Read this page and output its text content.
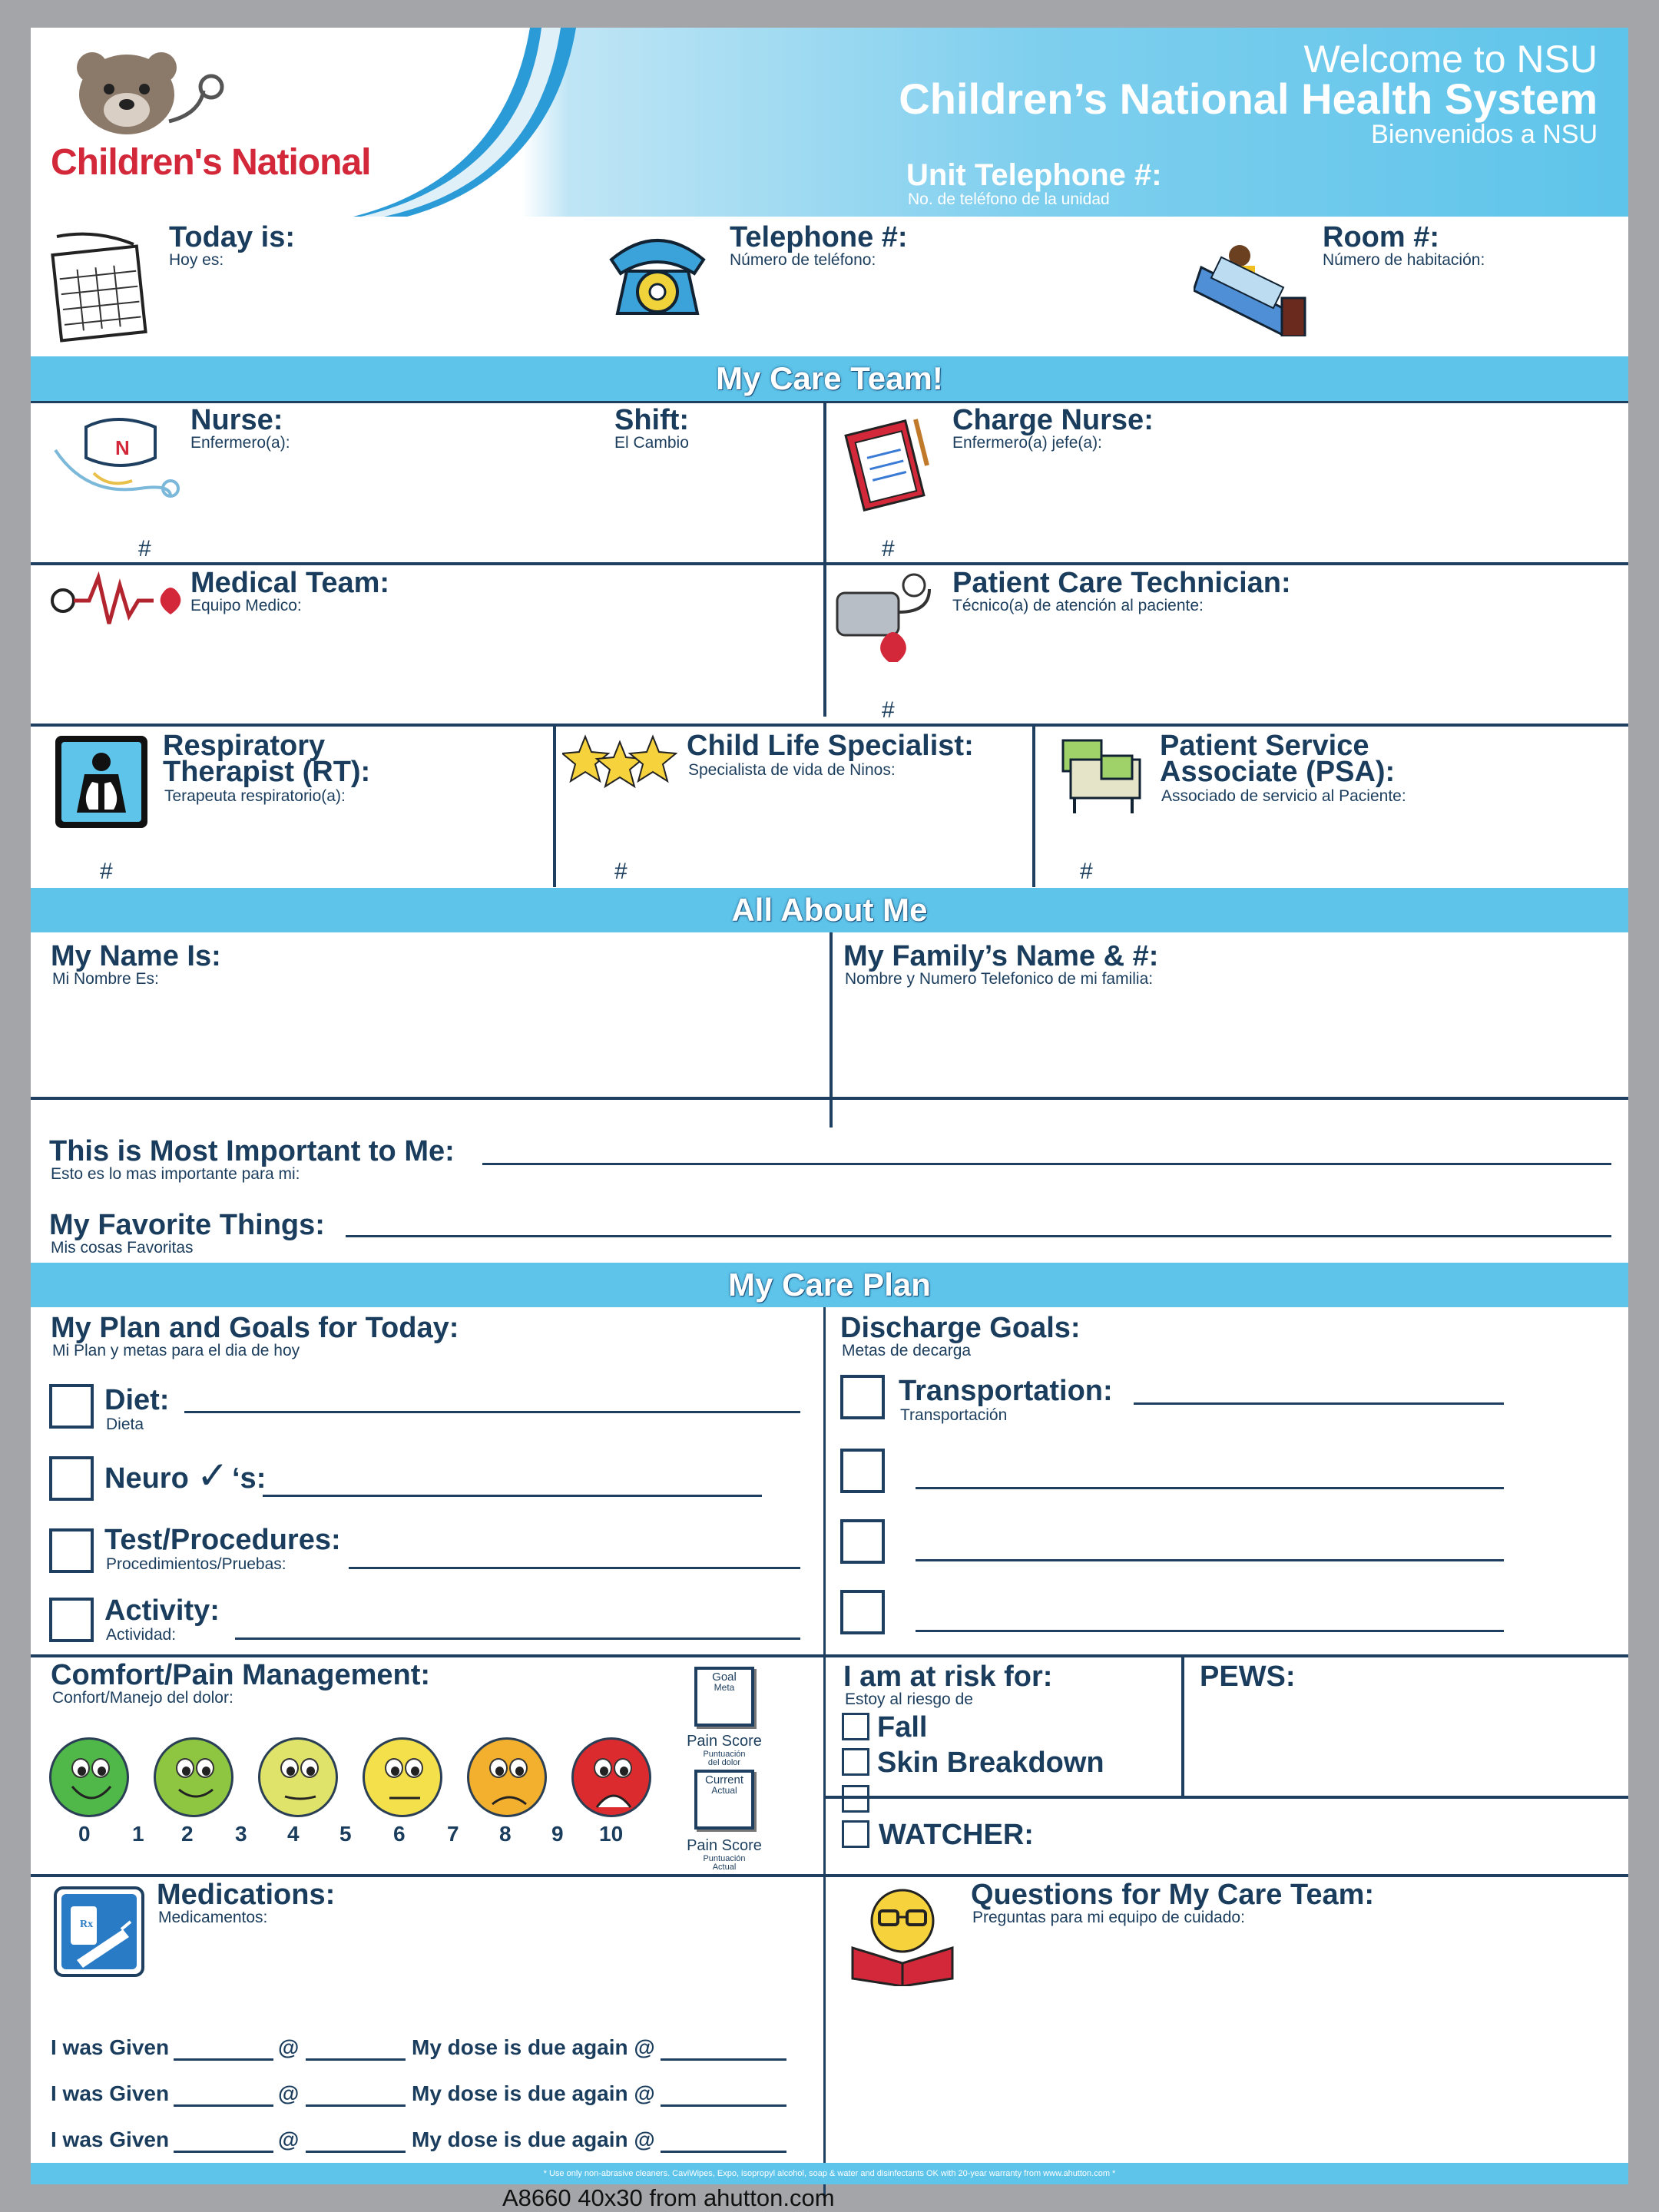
Children's National
Welcome to NSU
Children’s National Health System
Bienvenidos a NSU
Unit Telephone #:
No. de teléfono de la unidad
Today is:
Hoy es:
Telephone #:
Número de teléfono:
Room #:
Número de habitación:
My Care Team!
N
Nurse:
Enfermero(a):
Shift:
El Cambio
#
Charge Nurse:
Enfermero(a) jefe(a):
#
Medical Team:
Equipo Medico:
Patient Care Technician:
Técnico(a) de atención al paciente:
#
Respiratory
Therapist (RT):
Terapeuta respiratorio(a):
#
Child Life Specialist:
Specialista de vida de Ninos:
#
Patient Service
Associate (PSA):
Associado de servicio al Paciente:
#
All About Me
My Name Is:
Mi Nombre Es:
My Family’s Name & #:
Nombre y Numero Telefonico de mi familia:
This is Most Important to Me:
Esto es lo mas importante para mi:
My Favorite Things:
Mis cosas Favoritas
My Care Plan
My Plan and Goals for Today:
Mi Plan y metas para el dia de hoy
Diet:
Dieta
Neuro ✓ ‘s:
Test/Procedures:
Procedimientos/Pruebas:
Activity:
Actividad:
Discharge Goals:
Metas de decarga
Transportation:
Transportación
Comfort/Pain Management:
Confort/Manejo del dolor:
0 1 2 3 4 5 6 7 8 9 10
Goal
Meta
Pain Score
Puntuación
del dolor
Current
Actual
Pain Score
Puntuación
Actual
I am at risk for:
Estoy al riesgo de
Fall
Skin Breakdown
PEWS:
WATCHER:
Rx
Medications:
Medicamentos:
I was Given	@	My dose is due again @
I was Given	@	My dose is due again @
I was Given	@	My dose is due again @
Questions for My Care Team:
Preguntas para mi equipo de cuidado:
* Use only non-abrasive cleaners. CaviWipes, Expo, isopropyl alcohol, soap & water and disinfectants OK with 20-year warranty from www.ahutton.com *
A8660 40x30 from ahutton.com
